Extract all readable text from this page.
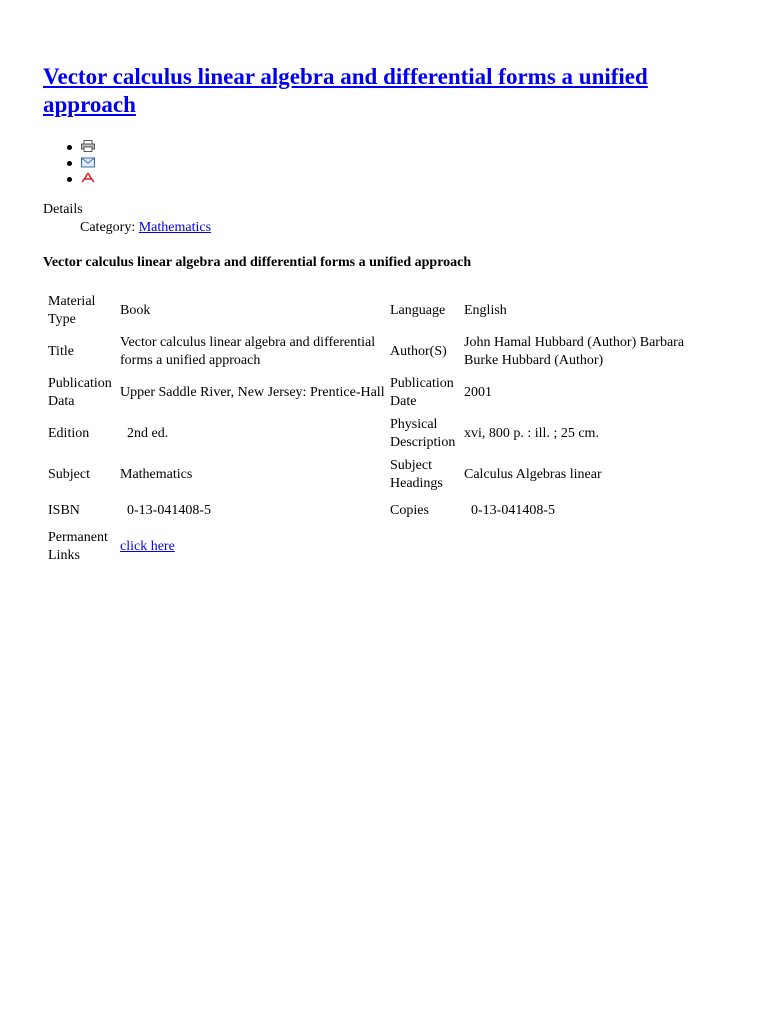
Vector calculus linear algebra and differential forms a unified approach
Details
Category: Mathematics
Vector calculus linear algebra and differential forms a unified approach
Material Type	Book	Language	English
Title	Vector calculus linear algebra and differential forms a unified approach	Author(S)	John Hamal Hubbard (Author) Barbara Burke Hubbard (Author)
Publication Data	Upper Saddle River, New Jersey: Prentice-Hall	Publication Date	2001
Edition	2nd ed.	Physical Description	xvi, 800 p. : ill. ; 25 cm.
Subject	Mathematics	Subject Headings	Calculus Algebras linear
ISBN	0-13-041408-5	Copies	0-13-041408-5
Permanent Links	click here		
